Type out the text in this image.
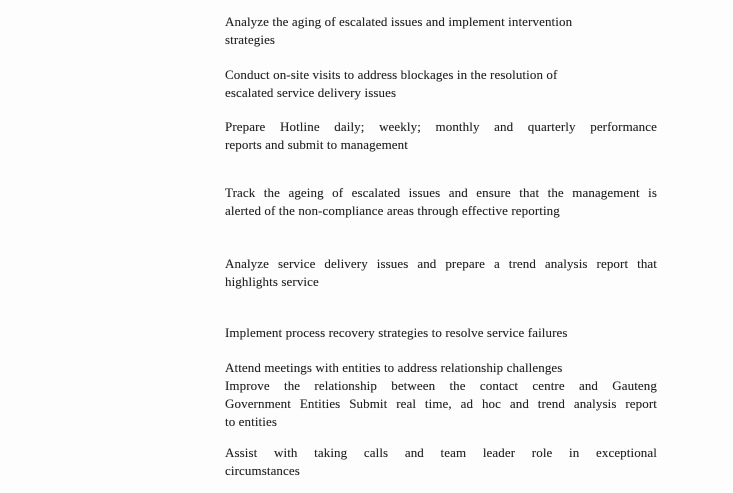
Analyze the aging of escalated issues and implement intervention
strategies
Conduct on-site visits to address blockages in the resolution of
escalated service delivery issues
Prepare Hotline daily; weekly; monthly and quarterly performance
reports and submit to management
Track the ageing of escalated issues and ensure that the management is
alerted of the non-compliance areas through effective reporting
Analyze service delivery issues and prepare a trend analysis report that
highlights service
Implement process recovery strategies to resolve service failures
Attend meetings with entities to address relationship challenges
Improve the relationship between the contact centre and Gauteng
Government Entities Submit real time, ad hoc and trend analysis report
to entities
Assist with taking calls and team leader role in exceptional
circumstances
